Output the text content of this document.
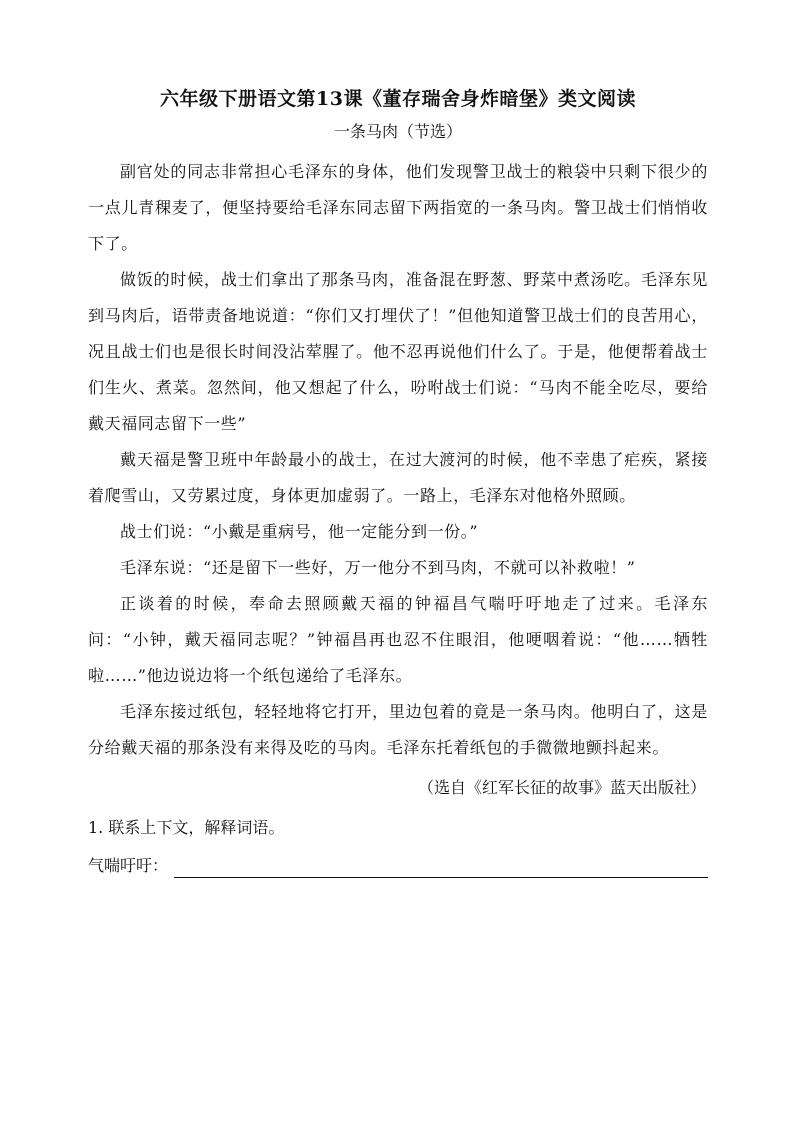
六年级下册语文第13课《董存瑞舍身炸暗堡》类文阅读
一条马肉（节选）

副官处的同志非常担心毛泽东的身体，他们发现警卫战士的粮袋中只剩下很少的一点儿青稞麦了，便坚持要给毛泽东同志留下两指宽的一条马肉。警卫战士们悄悄收下了。

做饭的时候，战士们拿出了那条马肉，准备混在野葱、野菜中煮汤吃。毛泽东见到马肉后，语带责备地说道：“你们又打埋伏了！”但他知道警卫战士们的良苦用心，况且战士们也是很长时间没沾荤腥了。他不忍再说他们什么了。于是，他便帮着战士们生火、煮菜。忽然间，他又想起了什么，吩咐战士们说：“马肉不能全吃尽，要给戴天福同志留下一些”

戴天福是警卫班中年龄最小的战士，在过大渡河的时候，他不幸患了疟疾，紧接着爬雪山，又劳累过度，身体更加虚弱了。一路上，毛泽东对他格外照顾。

战士们说：“小戴是重病号，他一定能分到一份。”

毛泽东说：“还是留下一些好，万一他分不到马肉，不就可以补救啦！”

正谈着的时候，奉命去照顾戴天福的钟福昌气喘吁吁地走了过来。毛泽东问：“小钟，戴天福同志呢？”钟福昌再也忍不住眼泪，他哽咽着说：“他……牺牲啦……”他边说边将一个纸包递给了毛泽东。

毛泽东接过纸包，轻轻地将它打开，里边包着的竟是一条马肉。他明白了，这是分给戴天福的那条没有来得及吃的马肉。毛泽东托着纸包的手微微地颤抖起来。

（选自《红军长征的故事》蓝天出版社）
1. 联系上下文，解释词语。
气喘吁吁：
